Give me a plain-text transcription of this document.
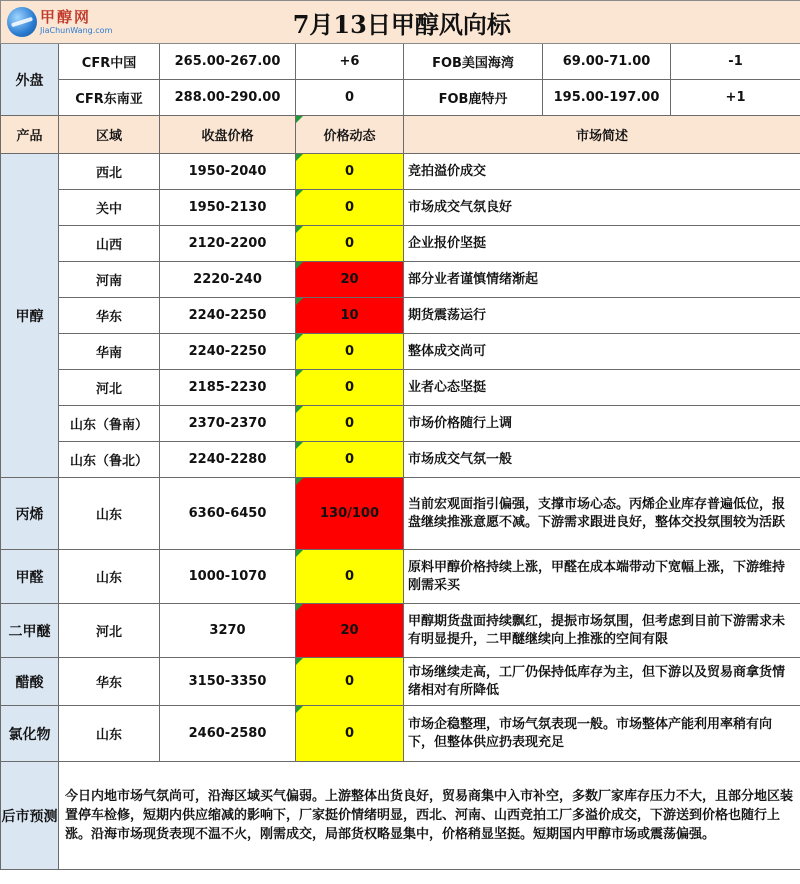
甲醇网
JiaChunWang.com		7月13日甲醇风向标				
外盘	CFR中国	265.00-267.00	+6	FOB美国海湾	69.00-71.00	-1
	CFR东南亚	288.00-290.00	0	FOB鹿特丹	195.00-197.00	+1
产品	区域	收盘价格	价格动态	市场简述		
甲醇	西北	1950-2040	0	竞拍溢价成交		
	关中	1950-2130	0	市场成交气氛良好		
	山西	2120-2200	0	企业报价坚挺		
	河南	2220-240	20	部分业者谨慎情绪渐起		
	华东	2240-2250	10	期货震荡运行		
	华南	2240-2250	0	整体成交尚可		
	河北	2185-2230	0	业者心态坚挺		
	山东（鲁南）	2370-2370	0	市场价格随行上调		
	山东（鲁北）	2240-2280	0	市场成交气氛一般		
丙烯	山东	6360-6450	130/100	当前宏观面指引偏强，支撑市场心态。丙烯企业库存普遍低位，报盘继续推涨意愿不减。下游需求跟进良好，整体交投氛围较为活跃		
甲醛	山东	1000-1070	0	原料甲醇价格持续上涨，甲醛在成本端带动下宽幅上涨，下游维持刚需采买		
二甲醚	河北	3270	20	甲醇期货盘面持续飘红，提振市场氛围，但考虑到目前下游需求未有明显提升，二甲醚继续向上推涨的空间有限		
醋酸	华东	3150-3350	0	市场继续走高，工厂仍保持低库存为主，但下游以及贸易商拿货情绪相对有所降低		
氯化物	山东	2460-2580	0	市场企稳整理，市场气氛表现一般。市场整体产能利用率稍有向下，但整体供应扔表现充足		
后市预测	今日内地市场气氛尚可，沿海区域买气偏弱。上游整体出货良好，贸易商集中入市补空，多数厂家库存压力不大，且部分地区装置停车检修，短期内供应缩减的影响下，厂家挺价情绪明显，西北、河南、山西竞拍工厂多溢价成交，下游送到价格也随行上涨。沿海市场现货表现不温不火，刚需成交，局部货权略显集中，价格稍显坚挺。短期国内甲醇市场或震荡偏强。					
